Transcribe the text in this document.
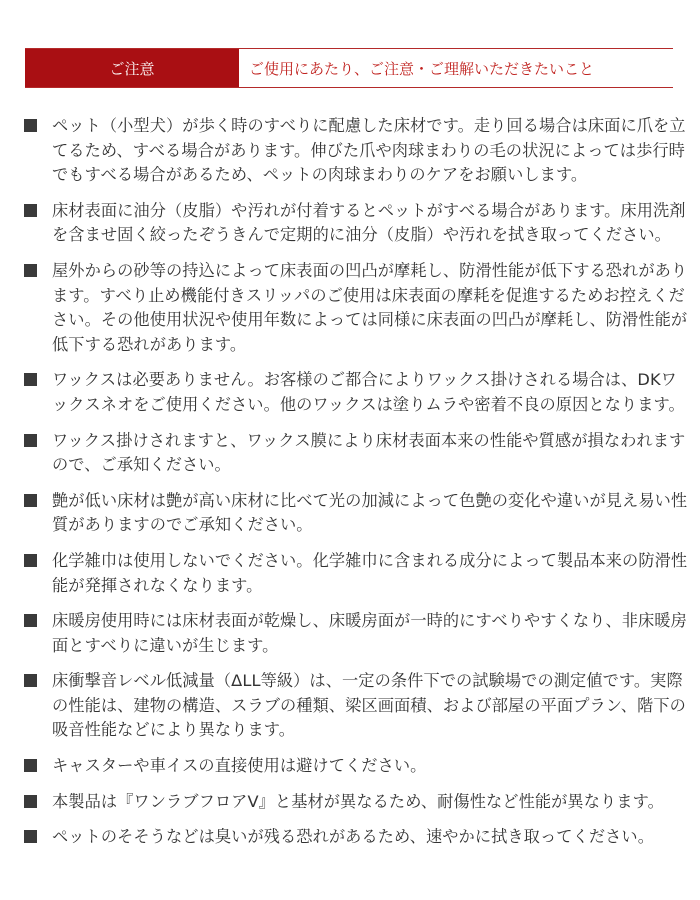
ご注意	ご使用にあたり、ご注意・ご理解いただきたいこと
ペット（小型犬）が歩く時のすべりに配慮した床材です。走り回る場合は床面に爪を立てるため、すべる場合があります。伸びた爪や肉球まわりの毛の状況によっては歩行時でもすべる場合があるため、ペットの肉球まわりのケアをお願いします。
床材表面に油分（皮脂）や汚れが付着するとペットがすべる場合があります。床用洗剤を含ませ固く絞ったぞうきんで定期的に油分（皮脂）や汚れを拭き取ってください。
屋外からの砂等の持込によって床表面の凹凸が摩耗し、防滑性能が低下する恐れがあります。すべり止め機能付きスリッパのご使用は床表面の摩耗を促進するためお控えください。その他使用状況や使用年数によっては同様に床表面の凹凸が摩耗し、防滑性能が低下する恐れがあります。
ワックスは必要ありません。お客様のご都合によりワックス掛けされる場合は、DKワックスネオをご使用ください。他のワックスは塗りムラや密着不良の原因となります。
ワックス掛けされますと、ワックス膜により床材表面本来の性能や質感が損なわれますので、ご承知ください。
艶が低い床材は艶が高い床材に比べて光の加減によって色艶の変化や違いが見え易い性質がありますのでご承知ください。
化学雑巾は使用しないでください。化学雑巾に含まれる成分によって製品本来の防滑性能が発揮されなくなります。
床暖房使用時には床材表面が乾燥し、床暖房面が一時的にすべりやすくなり、非床暖房面とすべりに違いが生じます。
床衝撃音レベル低減量（ΔLL等級）は、一定の条件下での試験場での測定値です。実際の性能は、建物の構造、スラブの種類、梁区画面積、および部屋の平面プラン、階下の吸音性能などにより異なります。
キャスターや車イスの直接使用は避けてください。
本製品は『ワンラブフロアV』と基材が異なるため、耐傷性など性能が異なります。
ペットのそそうなどは臭いが残る恐れがあるため、速やかに拭き取ってください。
